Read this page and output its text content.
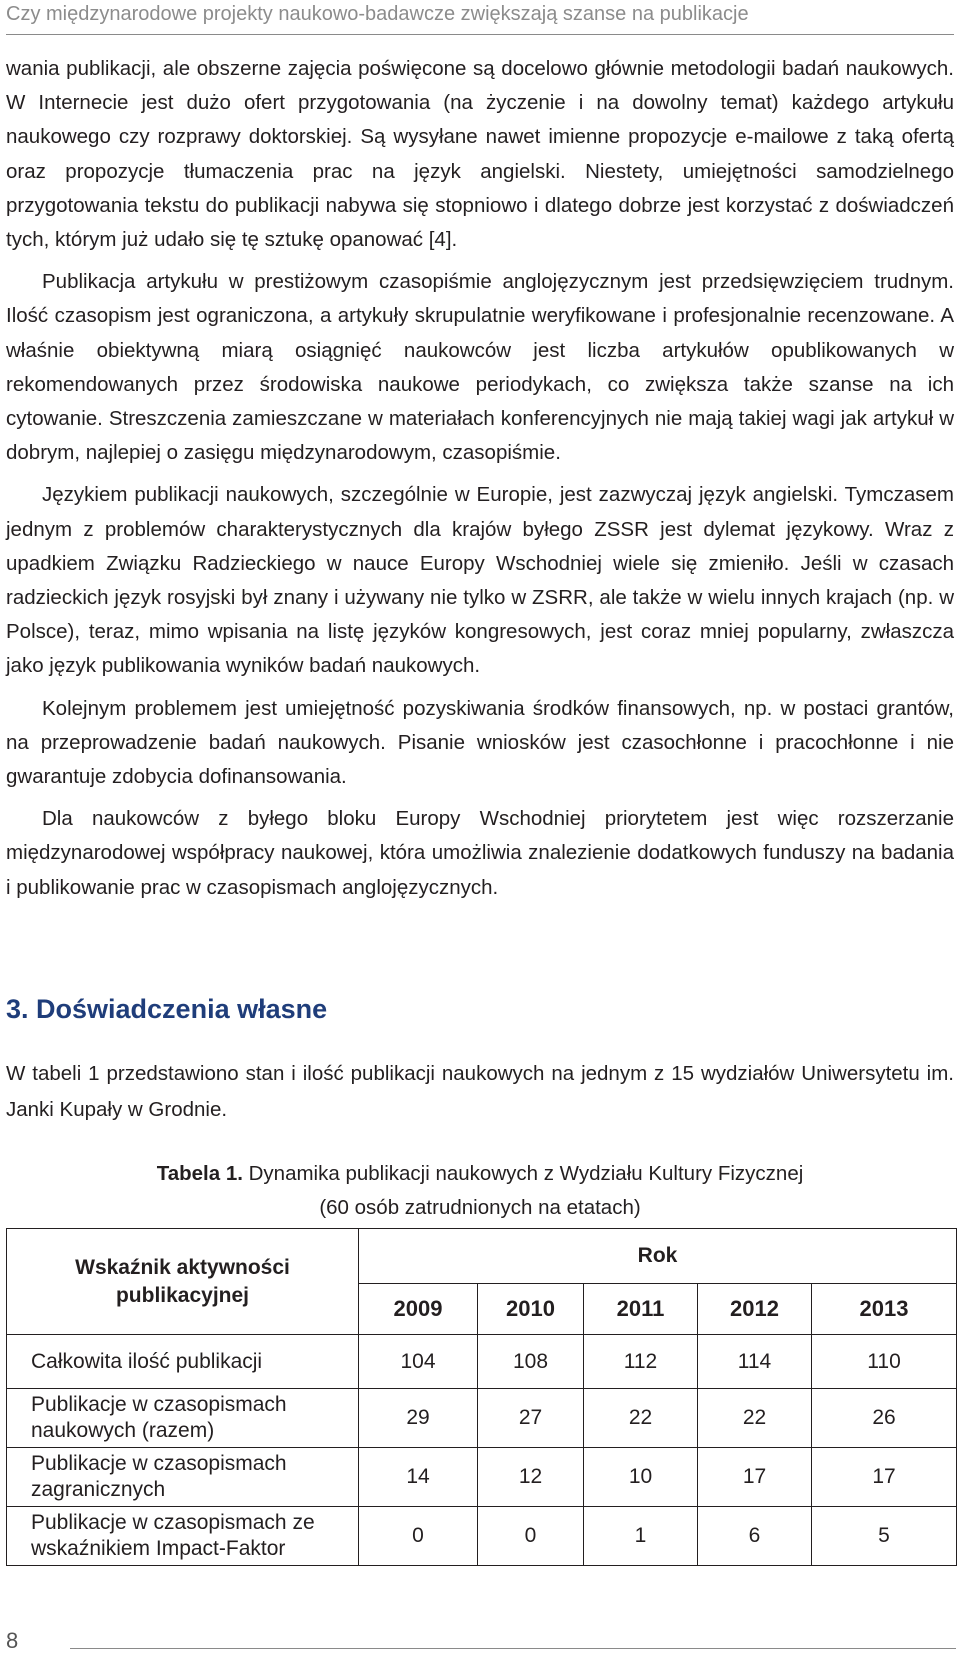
Czy międzynarodowe projekty naukowo-badawcze zwiększają szanse na publikacje

wania publikacji, ale obszerne zajęcia poświęcone są docelowo głównie metodologii badań naukowych. W Internecie jest dużo ofert przygotowania (na życzenie i na dowolny temat) każdego artykułu naukowego czy rozprawy doktorskiej. Są wysyłane nawet imienne propozycje e-mailowe z taką ofertą oraz propozycje tłumaczenia prac na język angielski. Niestety, umiejętności samodzielnego przygotowania tekstu do publikacji nabywa się stopniowo i dlatego dobrze jest korzystać z doświadczeń tych, którym już udało się tę sztukę opanować [4].

Publikacja artykułu w prestiżowym czasopiśmie anglojęzycznym jest przedsięwzięciem trudnym. Ilość czasopism jest ograniczona, a artykuły skrupulatnie weryfikowane i profesjonalnie recenzowane. A właśnie obiektywną miarą osiągnięć naukowców jest liczba artykułów opublikowanych w rekomendowanych przez środowiska naukowe periodykach, co zwiększa także szanse na ich cytowanie. Streszczenia zamieszczane w materiałach konferencyjnych nie mają takiej wagi jak artykuł w dobrym, najlepiej o zasięgu międzynarodowym, czasopiśmie.

Językiem publikacji naukowych, szczególnie w Europie, jest zazwyczaj język angielski. Tymczasem jednym z problemów charakterystycznych dla krajów byłego ZSSR jest dylemat językowy. Wraz z upadkiem Związku Radzieckiego w nauce Europy Wschodniej wiele się zmieniło. Jeśli w czasach radzieckich język rosyjski był znany i używany nie tylko w ZSRR, ale także w wielu innych krajach (np. w Polsce), teraz, mimo wpisania na listę języków kongresowych, jest coraz mniej popularny, zwłaszcza jako język publikowania wyników badań naukowych.

Kolejnym problemem jest umiejętność pozyskiwania środków finansowych, np. w postaci grantów, na przeprowadzenie badań naukowych. Pisanie wniosków jest czasochłonne i pracochłonne i nie gwarantuje zdobycia dofinansowania.

Dla naukowców z byłego bloku Europy Wschodniej priorytetem jest więc rozszerzanie międzynarodowej współpracy naukowej, która umożliwia znalezienie dodatkowych funduszy na badania i publikowanie prac w czasopismach anglojęzycznych.

3. Doświadczenia własne

W tabeli 1 przedstawiono stan i ilość publikacji naukowych na jednym z 15 wydziałów Uniwersytetu im. Janki Kupały w Grodnie.

Tabela 1. Dynamika publikacji naukowych z Wydziału Kultury Fizycznej
(60 osób zatrudnionych na etatach)
Wskaźnik aktywności publikacyjnej	Rok				
	2009	2010	2011	2012	2013
Całkowita ilość publikacji	104	108	112	114	110
Publikacje w czasopismach naukowych (razem)	29	27	22	22	26
Publikacje w czasopismach zagranicznych	14	12	10	17	17
Publikacje w czasopismach ze wskaźnikiem Impact-Faktor	0	0	1	6	5
8
